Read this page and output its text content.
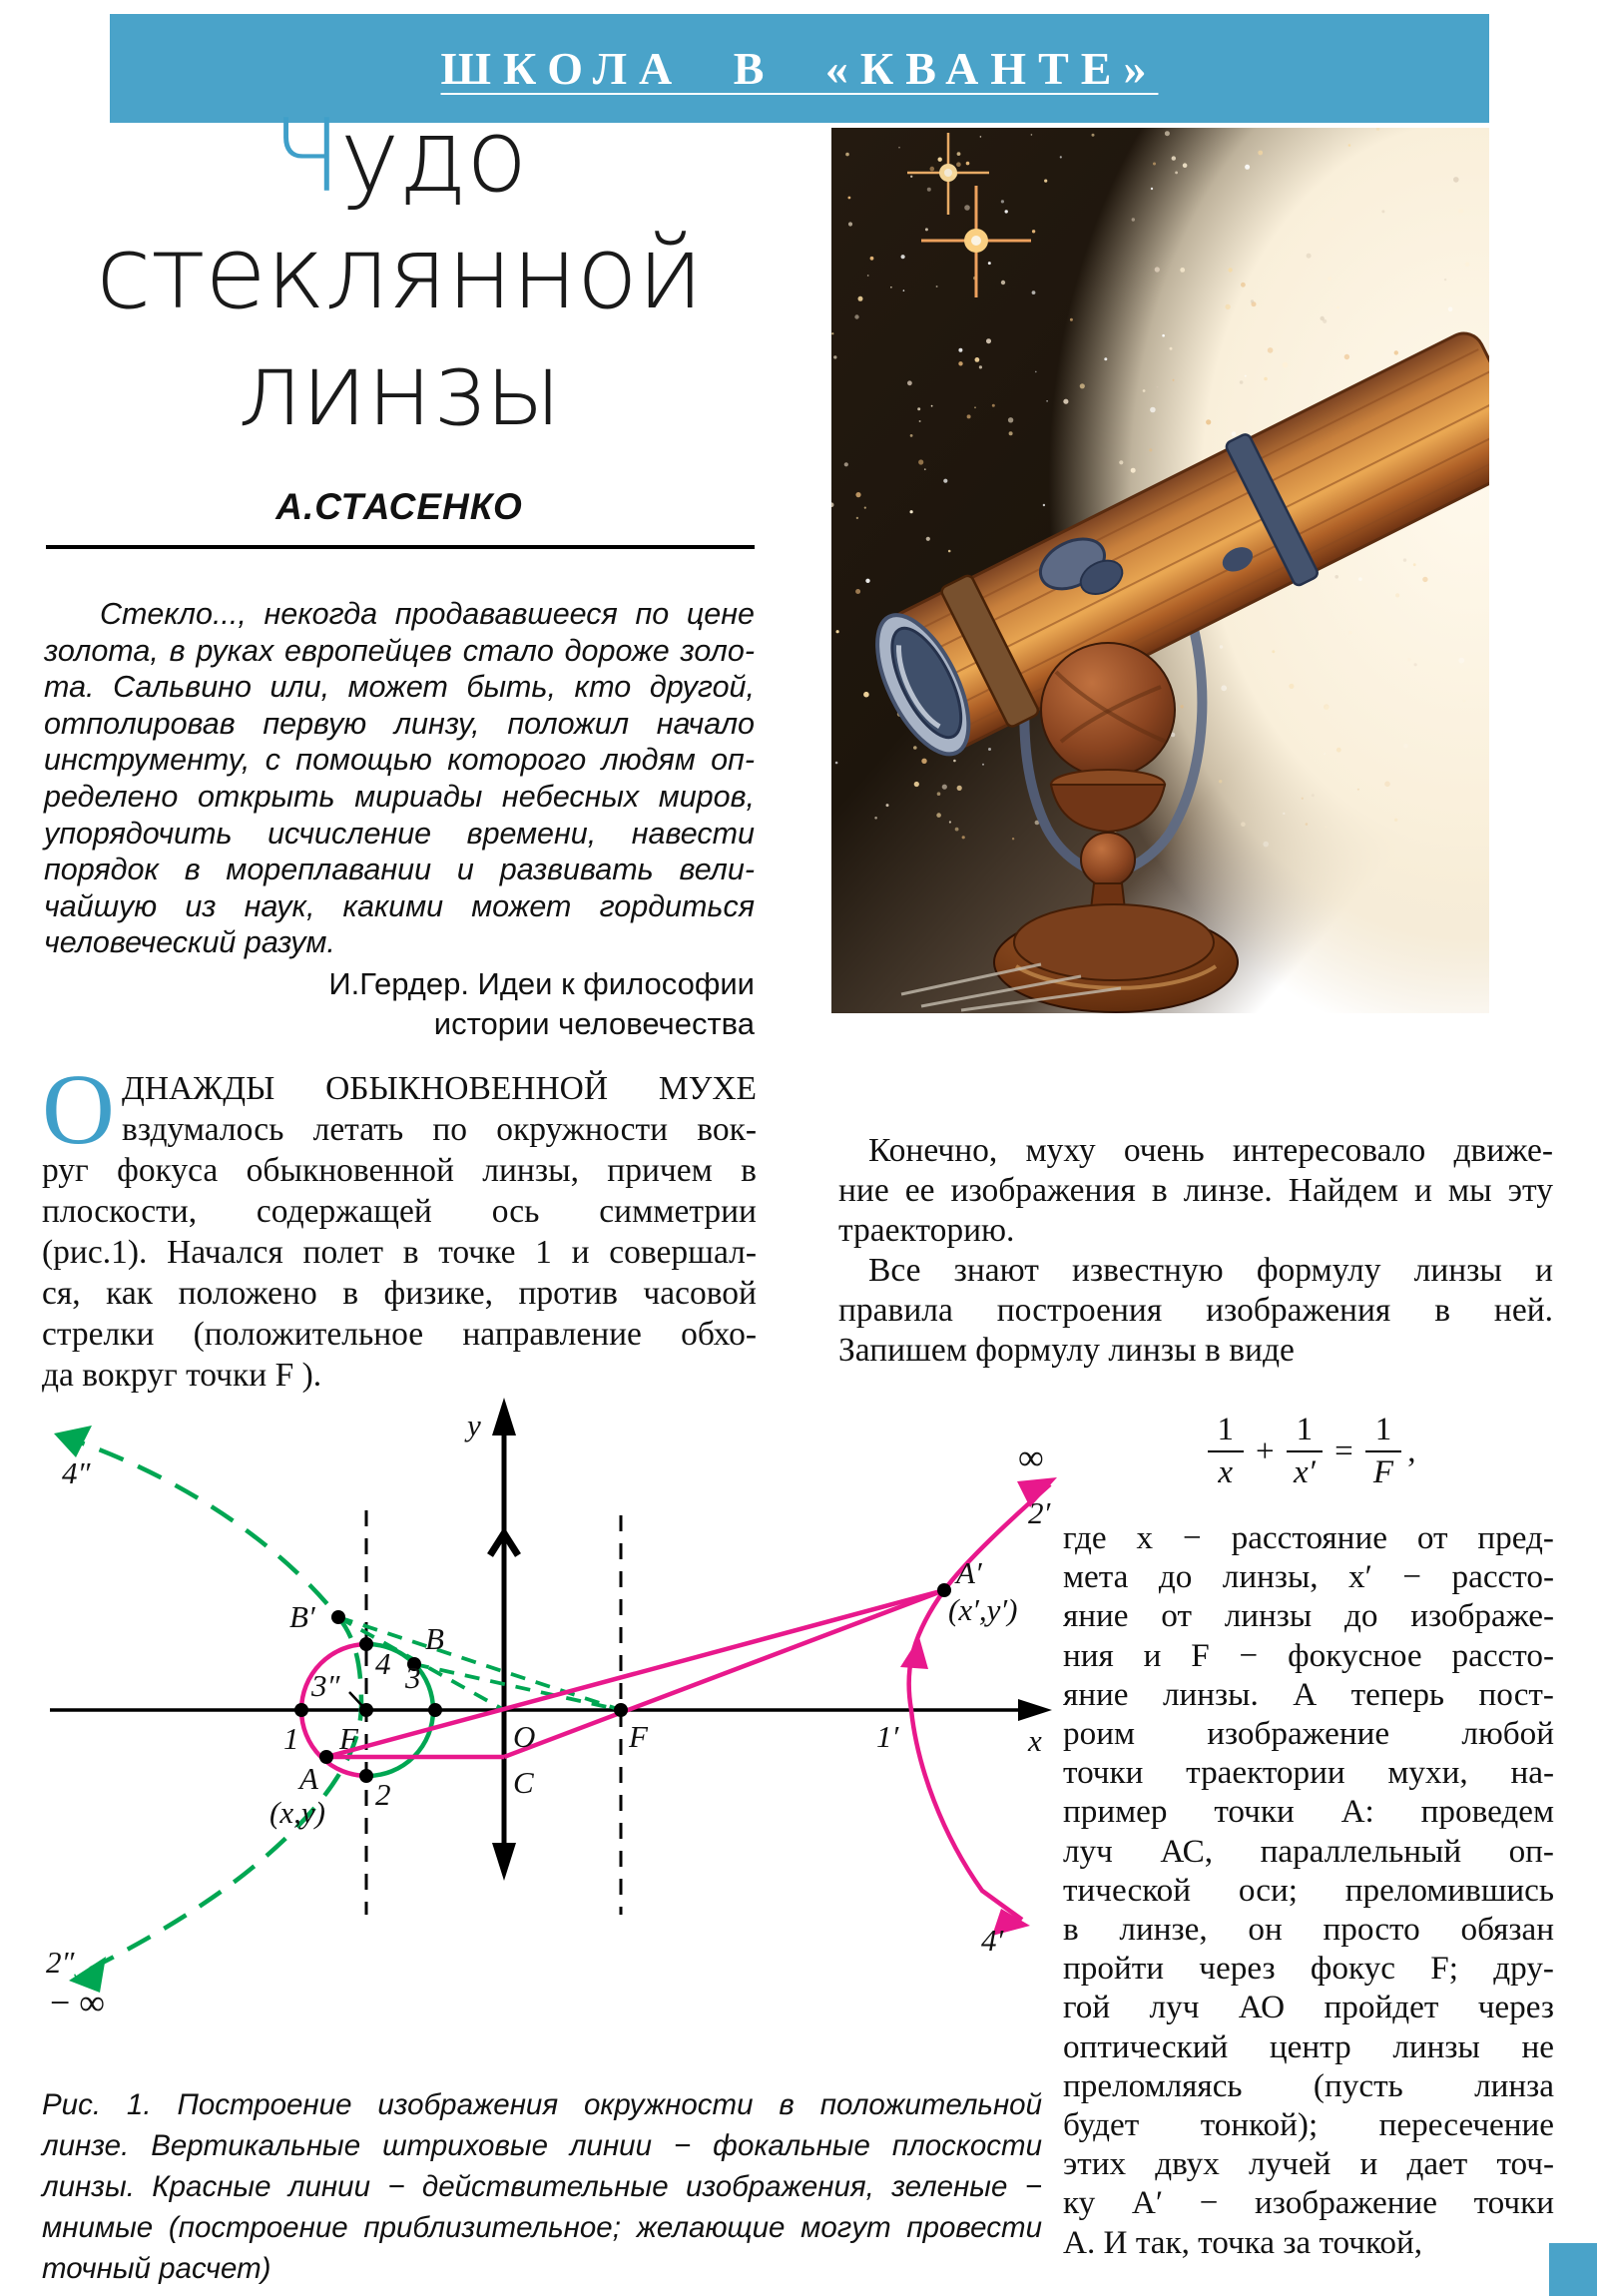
ШКОЛА В «КВАНТЕ»
Чудо
стеклянной
линзы
А.СТАСЕНКО
Стекло..., некогда продававшееся по цене
золота, в руках европейцев стало дороже золо-
та. Сальвино или, может быть, кто другой,
отполировав первую линзу, положил начало
инструменту, с помощью которого людям оп-
ределено открыть мириады небесных миров,
упорядочить исчисление времени, навести
порядок в мореплавании и развивать вели-
чайшую из наук, какими может гордиться
человеческий разум.
И.Гердер. Идеи к философии
истории человечества
О ДНАЖДЫ ОБЫКНОВЕННОЙ МУХЕ
вздумалось летать по окружности вок-
руг фокуса обыкновенной линзы, причем в
плоскости, содержащей ось симметрии
(рис.1). Начался полет в точке 1 и совершал-
ся, как положено в физике, против часовой
стрелки (положительное направление обхо-
да вокруг точки F ).
Конечно, муху очень интересовало движе-
ние ее изображения в линзе. Найдем и мы эту
траекторию.
Все знают известную формулу линзы и
правила построения изображения в ней.
Запишем формулу линзы в виде
$\frac{1}{x} + \frac{1}{x'} = \frac{1}{F}$ ,
где x − расстояние от пред-
мета до линзы, x′ − рассто-
яние от линзы до изображе-
ния и F − фокусное рассто-
яние линзы. А теперь пост-
роим изображение любой
точки траектории мухи, на-
пример точки А: проведем
луч АС, параллельный оп-
тической оси; преломившись
в линзе, он просто обязан
пройти через фокус F; дру-
гой луч АО пройдет через
оптический центр линзы не
преломляясь (пусть линза
будет тонкой); пересечение
этих двух лучей и дает точ-
ку А′ − изображение точки
А. И так, точка за точкой,
y
x
O
C
F	F
1
2
3
4
3″
A
(x,y)
B
B′
A′
(x′,y′)
1′
2′
4′
4″
2″
∞
− ∞
Рис. 1. Построение изображения окружности в положительной
линзе. Вертикальные штриховые линии − фокальные плоскости
линзы. Красные линии − действительные изображения, зеленые −
мнимые (построение приблизительное; желающие могут провести
точный расчет)
